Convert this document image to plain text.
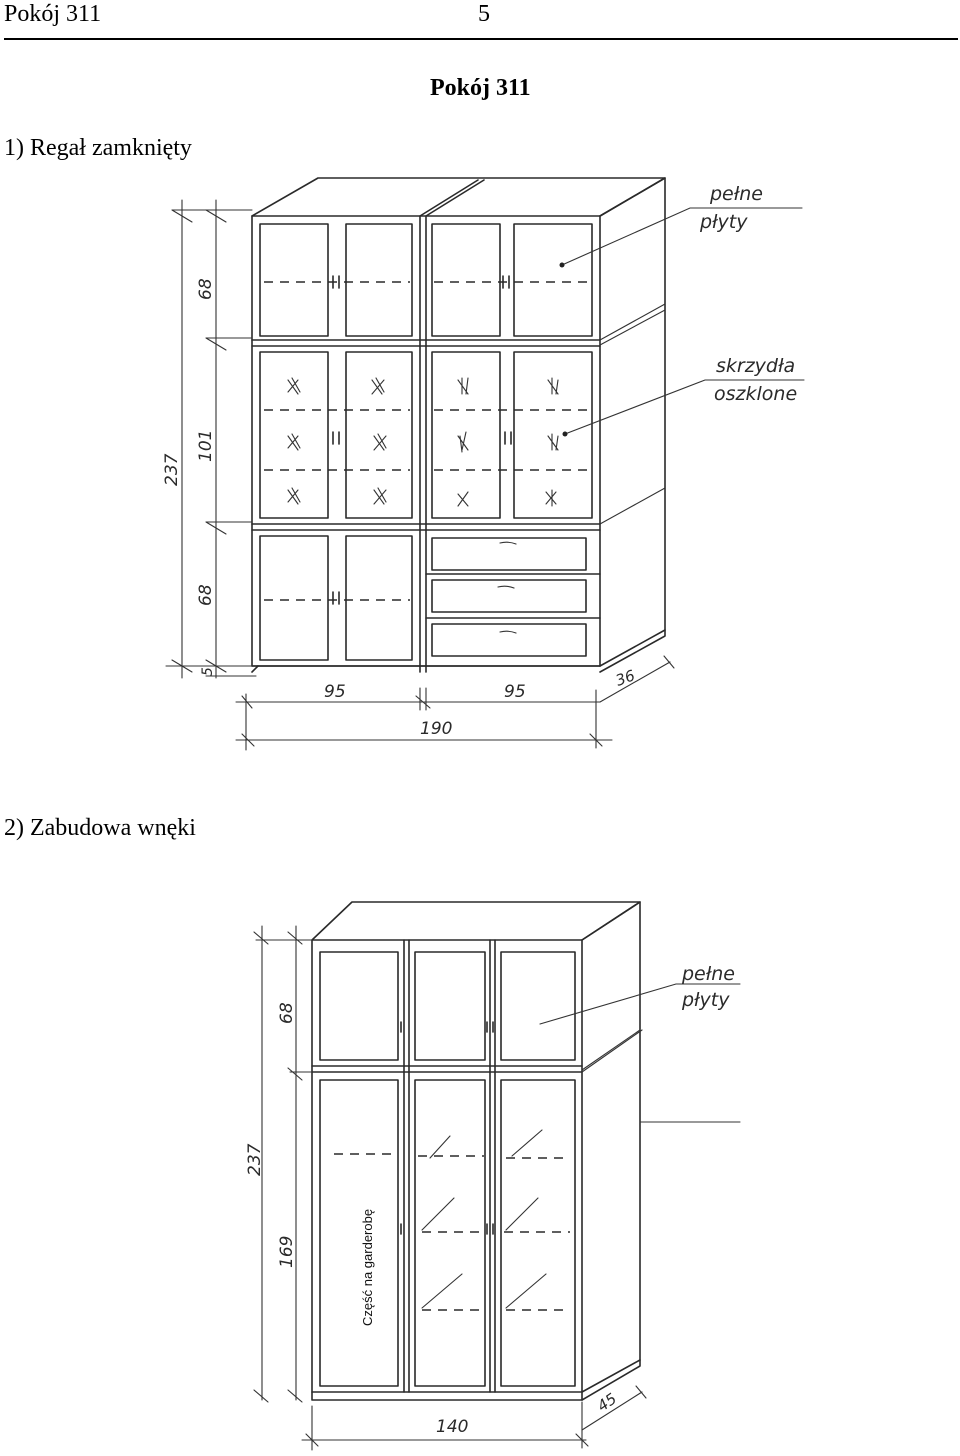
Pokój 311	5
Pokój 311
1) Regał zamknięty
2) Zabudowa wnęki
68
101
68
237
5
95	95
190
36
pełne
płyty
skrzydła
oszklone
68
169
237
140
45
pełne
płyty
Część na garderobę
